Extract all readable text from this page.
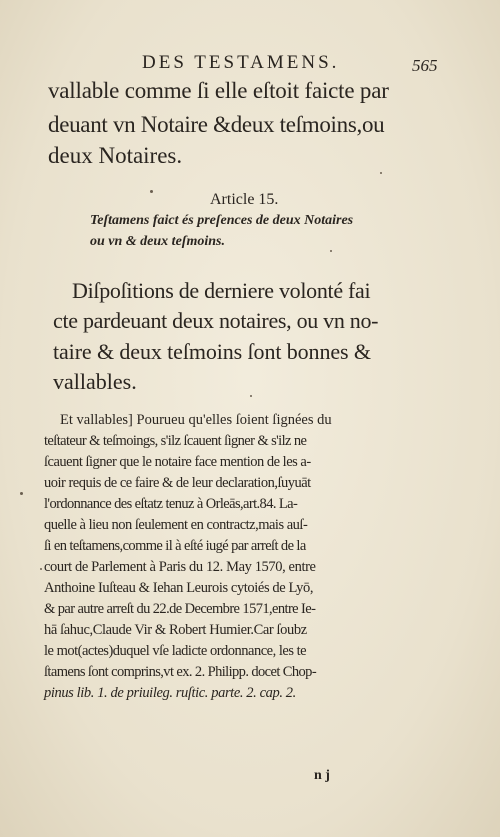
DES TESTAMENS.	565
vallable comme ſi elle eſtoit faicte par
deuant vn Notaire &deux teſmoins,ou
deux Notaires.
Article 15.
Teſtamens faict és preſences de deux Notaires
ou vn & deux teſmoins.
Diſpoſitions de derniere volonté fai
cte pardeuant deux notaires, ou vn no-
taire & deux teſmoins ſont bonnes &
vallables.
Et vallables] Pourueu qu'elles ſoient ſignées du
teſtateur & teſmoings, s'ilz ſcauent ſigner & s'ilz ne
ſcauent ſigner que le notaire face mention de les a-
uoir requis de ce faire & de leur declaration,ſuyuāt
l'ordonnance des eſtatz tenuz à Orleās,art.84. La-
quelle à lieu non ſeulement en contractz,mais auſ-
ſi en teſtamens,comme il à eſté iugé par arreſt de la
court de Parlement à Paris du 12. May 1570, entre
Anthoine Iuſteau & Iehan Leurois cytoiés de Lyō,
& par autre arreſt du 22.de Decembre 1571,entre Ie-
hā ſahuc,Claude Vir & Robert Humier.Car ſoubz
le mot(actes)duquel vſe ladicte ordonnance, les te
ſtamens ſont comprins,vt ex. 2. Philipp. docet Chop-
pinus lib. 1. de priuileg. ruſtic. parte. 2. cap. 2.
n j
